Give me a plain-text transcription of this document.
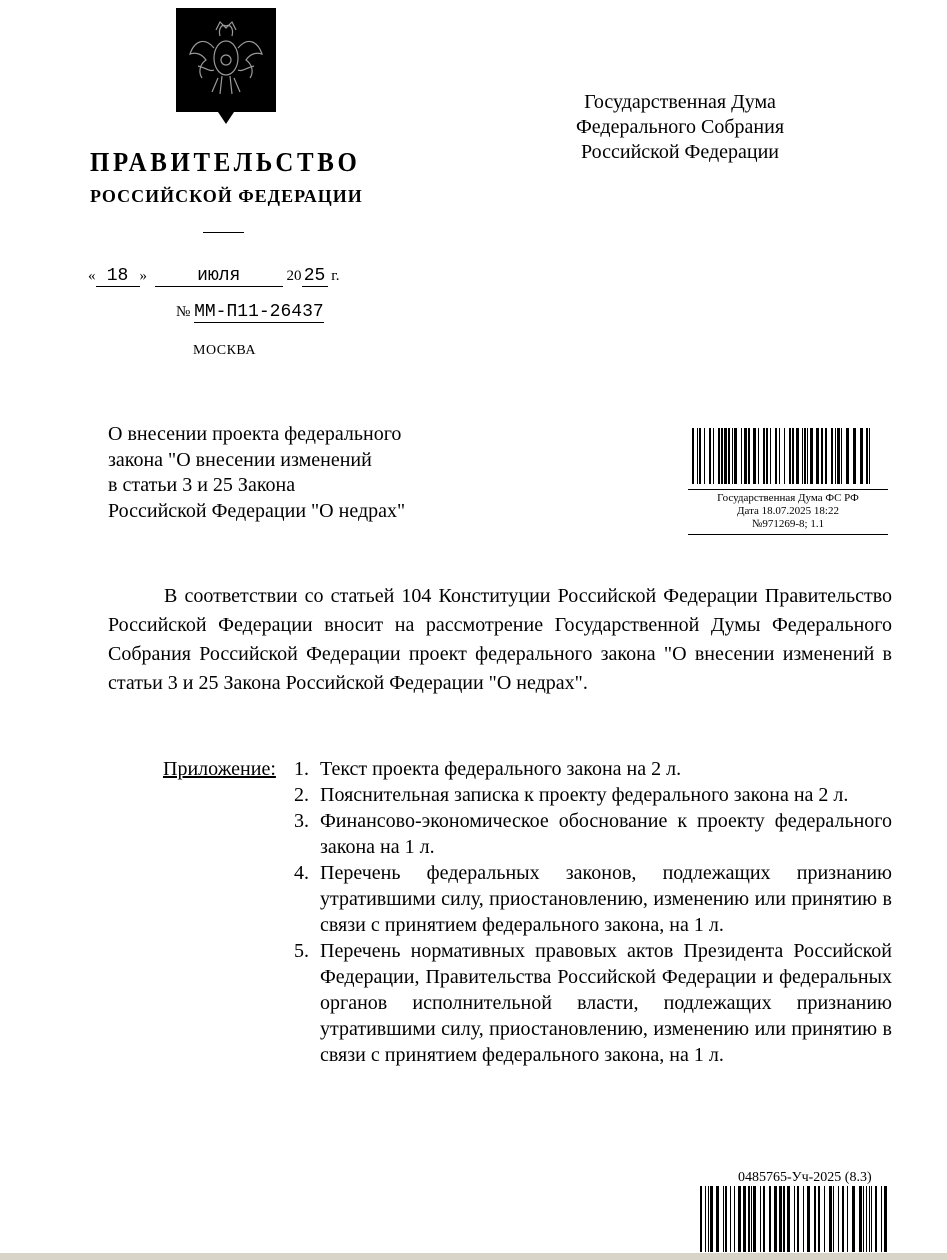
ПРАВИТЕЛЬСТВО
РОССИЙСКОЙ ФЕДЕРАЦИИ
Государственная Дума
Федерального Собрания
Российской Федерации
« 18 »	июля	20 25 г.
№ ММ-П11-26437
МОСКВА
О внесении проекта федерального
закона "О внесении изменений
в статьи 3 и 25 Закона
Российской Федерации "О недрах"
Государственная Дума ФС РФ
Дата 18.07.2025 18:22
№971269-8; 1.1

В соответствии со статьей 104 Конституции Российской Федерации Правительство Российской Федерации вносит на рассмотрение Государственной Думы Федерального Собрания Российской Федерации проект федерального закона "О внесении изменений в статьи 3 и 25 Закона Российской Федерации "О недрах".

Приложение: 1. Текст проекта федерального закона на 2 л.
2. Пояснительная записка к проекту федерального закона на 2 л.
3. Финансово-экономическое обоснование к проекту федерального закона на 1 л.
4. Перечень федеральных законов, подлежащих признанию утратившими силу, приостановлению, изменению или принятию в связи с принятием федерального закона, на 1 л.
5. Перечень нормативных правовых актов Президента Российской Федерации, Правительства Российской Федерации и федеральных органов исполнительной власти, подлежащих признанию утратившими силу, приостановлению, изменению или принятию в связи с принятием федерального закона, на 1 л.
0485765-Уч-2025 (8.3)
